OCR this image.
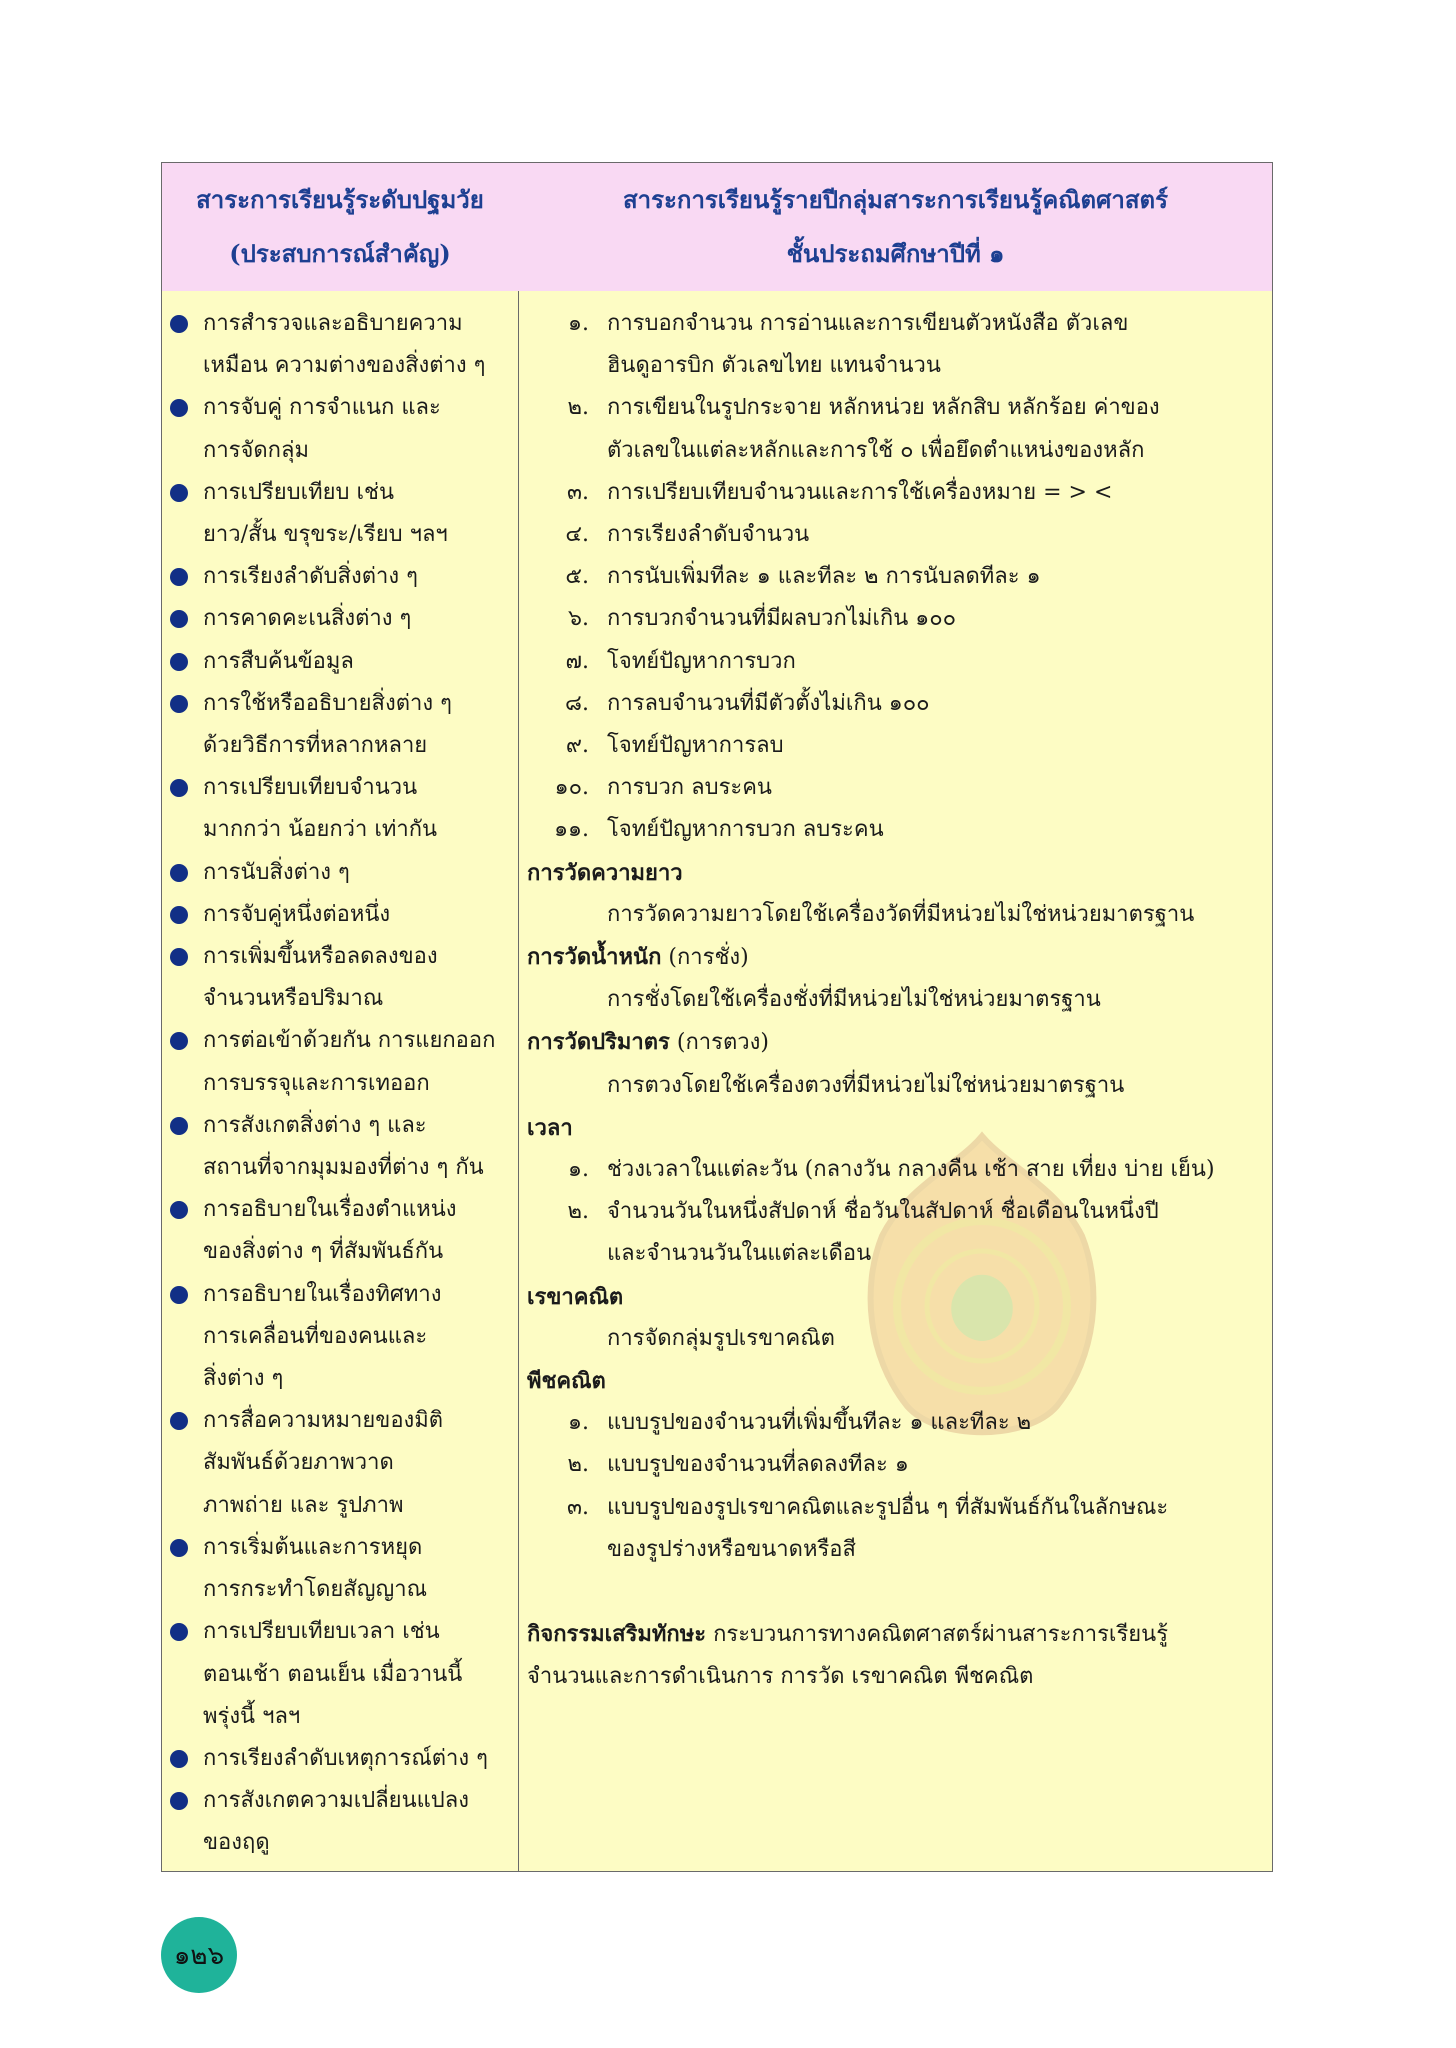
สาระการเรียนรู้ระดับปฐมวัย
(ประสบการณ์สำคัญ)
สาระการเรียนรู้รายปีกลุ่มสาระการเรียนรู้คณิตศาสตร์
ชั้นประถมศึกษาปีที่ ๑
การสำรวจและอธิบายความ
เหมือน ความต่างของสิ่งต่าง ๆ
การจับคู่ การจำแนก และ
การจัดกลุ่ม
การเปรียบเทียบ เช่น
ยาว/สั้น ขรุขระ/เรียบ ฯลฯ
การเรียงลำดับสิ่งต่าง ๆ
การคาดคะเนสิ่งต่าง ๆ
การสืบค้นข้อมูล
การใช้หรืออธิบายสิ่งต่าง ๆ
ด้วยวิธีการที่หลากหลาย
การเปรียบเทียบจำนวน
มากกว่า น้อยกว่า เท่ากัน
การนับสิ่งต่าง ๆ
การจับคู่หนึ่งต่อหนึ่ง
การเพิ่มขึ้นหรือลดลงของ
จำนวนหรือปริมาณ
การต่อเข้าด้วยกัน การแยกออก
การบรรจุและการเทออก
การสังเกตสิ่งต่าง ๆ และ
สถานที่จากมุมมองที่ต่าง ๆ กัน
การอธิบายในเรื่องตำแหน่ง
ของสิ่งต่าง ๆ ที่สัมพันธ์กัน
การอธิบายในเรื่องทิศทาง
การเคลื่อนที่ของคนและ
สิ่งต่าง ๆ
การสื่อความหมายของมิติ
สัมพันธ์ด้วยภาพวาด
ภาพถ่าย และ รูปภาพ
การเริ่มต้นและการหยุด
การกระทำโดยสัญญาณ
การเปรียบเทียบเวลา เช่น
ตอนเช้า ตอนเย็น เมื่อวานนี้
พรุ่งนี้ ฯลฯ
การเรียงลำดับเหตุการณ์ต่าง ๆ
การสังเกตความเปลี่ยนแปลง
ของฤดู
๑. การบอกจำนวน การอ่านและการเขียนตัวหนังสือ ตัวเลข
ฮินดูอารบิก ตัวเลขไทย แทนจำนวน
๒. การเขียนในรูปกระจาย หลักหน่วย หลักสิบ หลักร้อย ค่าของ
ตัวเลขในแต่ละหลักและการใช้ ๐ เพื่อยึดตำแหน่งของหลัก
๓. การเปรียบเทียบจำนวนและการใช้เครื่องหมาย = > <
๔. การเรียงลำดับจำนวน
๕. การนับเพิ่มทีละ ๑ และทีละ ๒ การนับลดทีละ ๑
๖. การบวกจำนวนที่มีผลบวกไม่เกิน ๑๐๐
๗. โจทย์ปัญหาการบวก
๘. การลบจำนวนที่มีตัวตั้งไม่เกิน ๑๐๐
๙. โจทย์ปัญหาการลบ
๑๐. การบวก ลบระคน
๑๑. โจทย์ปัญหาการบวก ลบระคน
การวัดความยาว
การวัดความยาวโดยใช้เครื่องวัดที่มีหน่วยไม่ใช่หน่วยมาตรฐาน
การวัดน้ำหนัก (การชั่ง)
การชั่งโดยใช้เครื่องชั่งที่มีหน่วยไม่ใช่หน่วยมาตรฐาน
การวัดปริมาตร (การตวง)
การตวงโดยใช้เครื่องตวงที่มีหน่วยไม่ใช่หน่วยมาตรฐาน
เวลา
๑. ช่วงเวลาในแต่ละวัน (กลางวัน กลางคืน เช้า สาย เที่ยง บ่าย เย็น)
๒. จำนวนวันในหนึ่งสัปดาห์ ชื่อวันในสัปดาห์ ชื่อเดือนในหนึ่งปี
และจำนวนวันในแต่ละเดือน
เรขาคณิต
การจัดกลุ่มรูปเรขาคณิต
พีชคณิต
๑. แบบรูปของจำนวนที่เพิ่มขึ้นทีละ ๑ และทีละ ๒
๒. แบบรูปของจำนวนที่ลดลงทีละ ๑
๓. แบบรูปของรูปเรขาคณิตและรูปอื่น ๆ ที่สัมพันธ์กันในลักษณะ
ของรูปร่างหรือขนาดหรือสี
กิจกรรมเสริมทักษะ กระบวนการทางคณิตศาสตร์ผ่านสาระการเรียนรู้
จำนวนและการดำเนินการ การวัด เรขาคณิต พีชคณิต
๑๒๖
